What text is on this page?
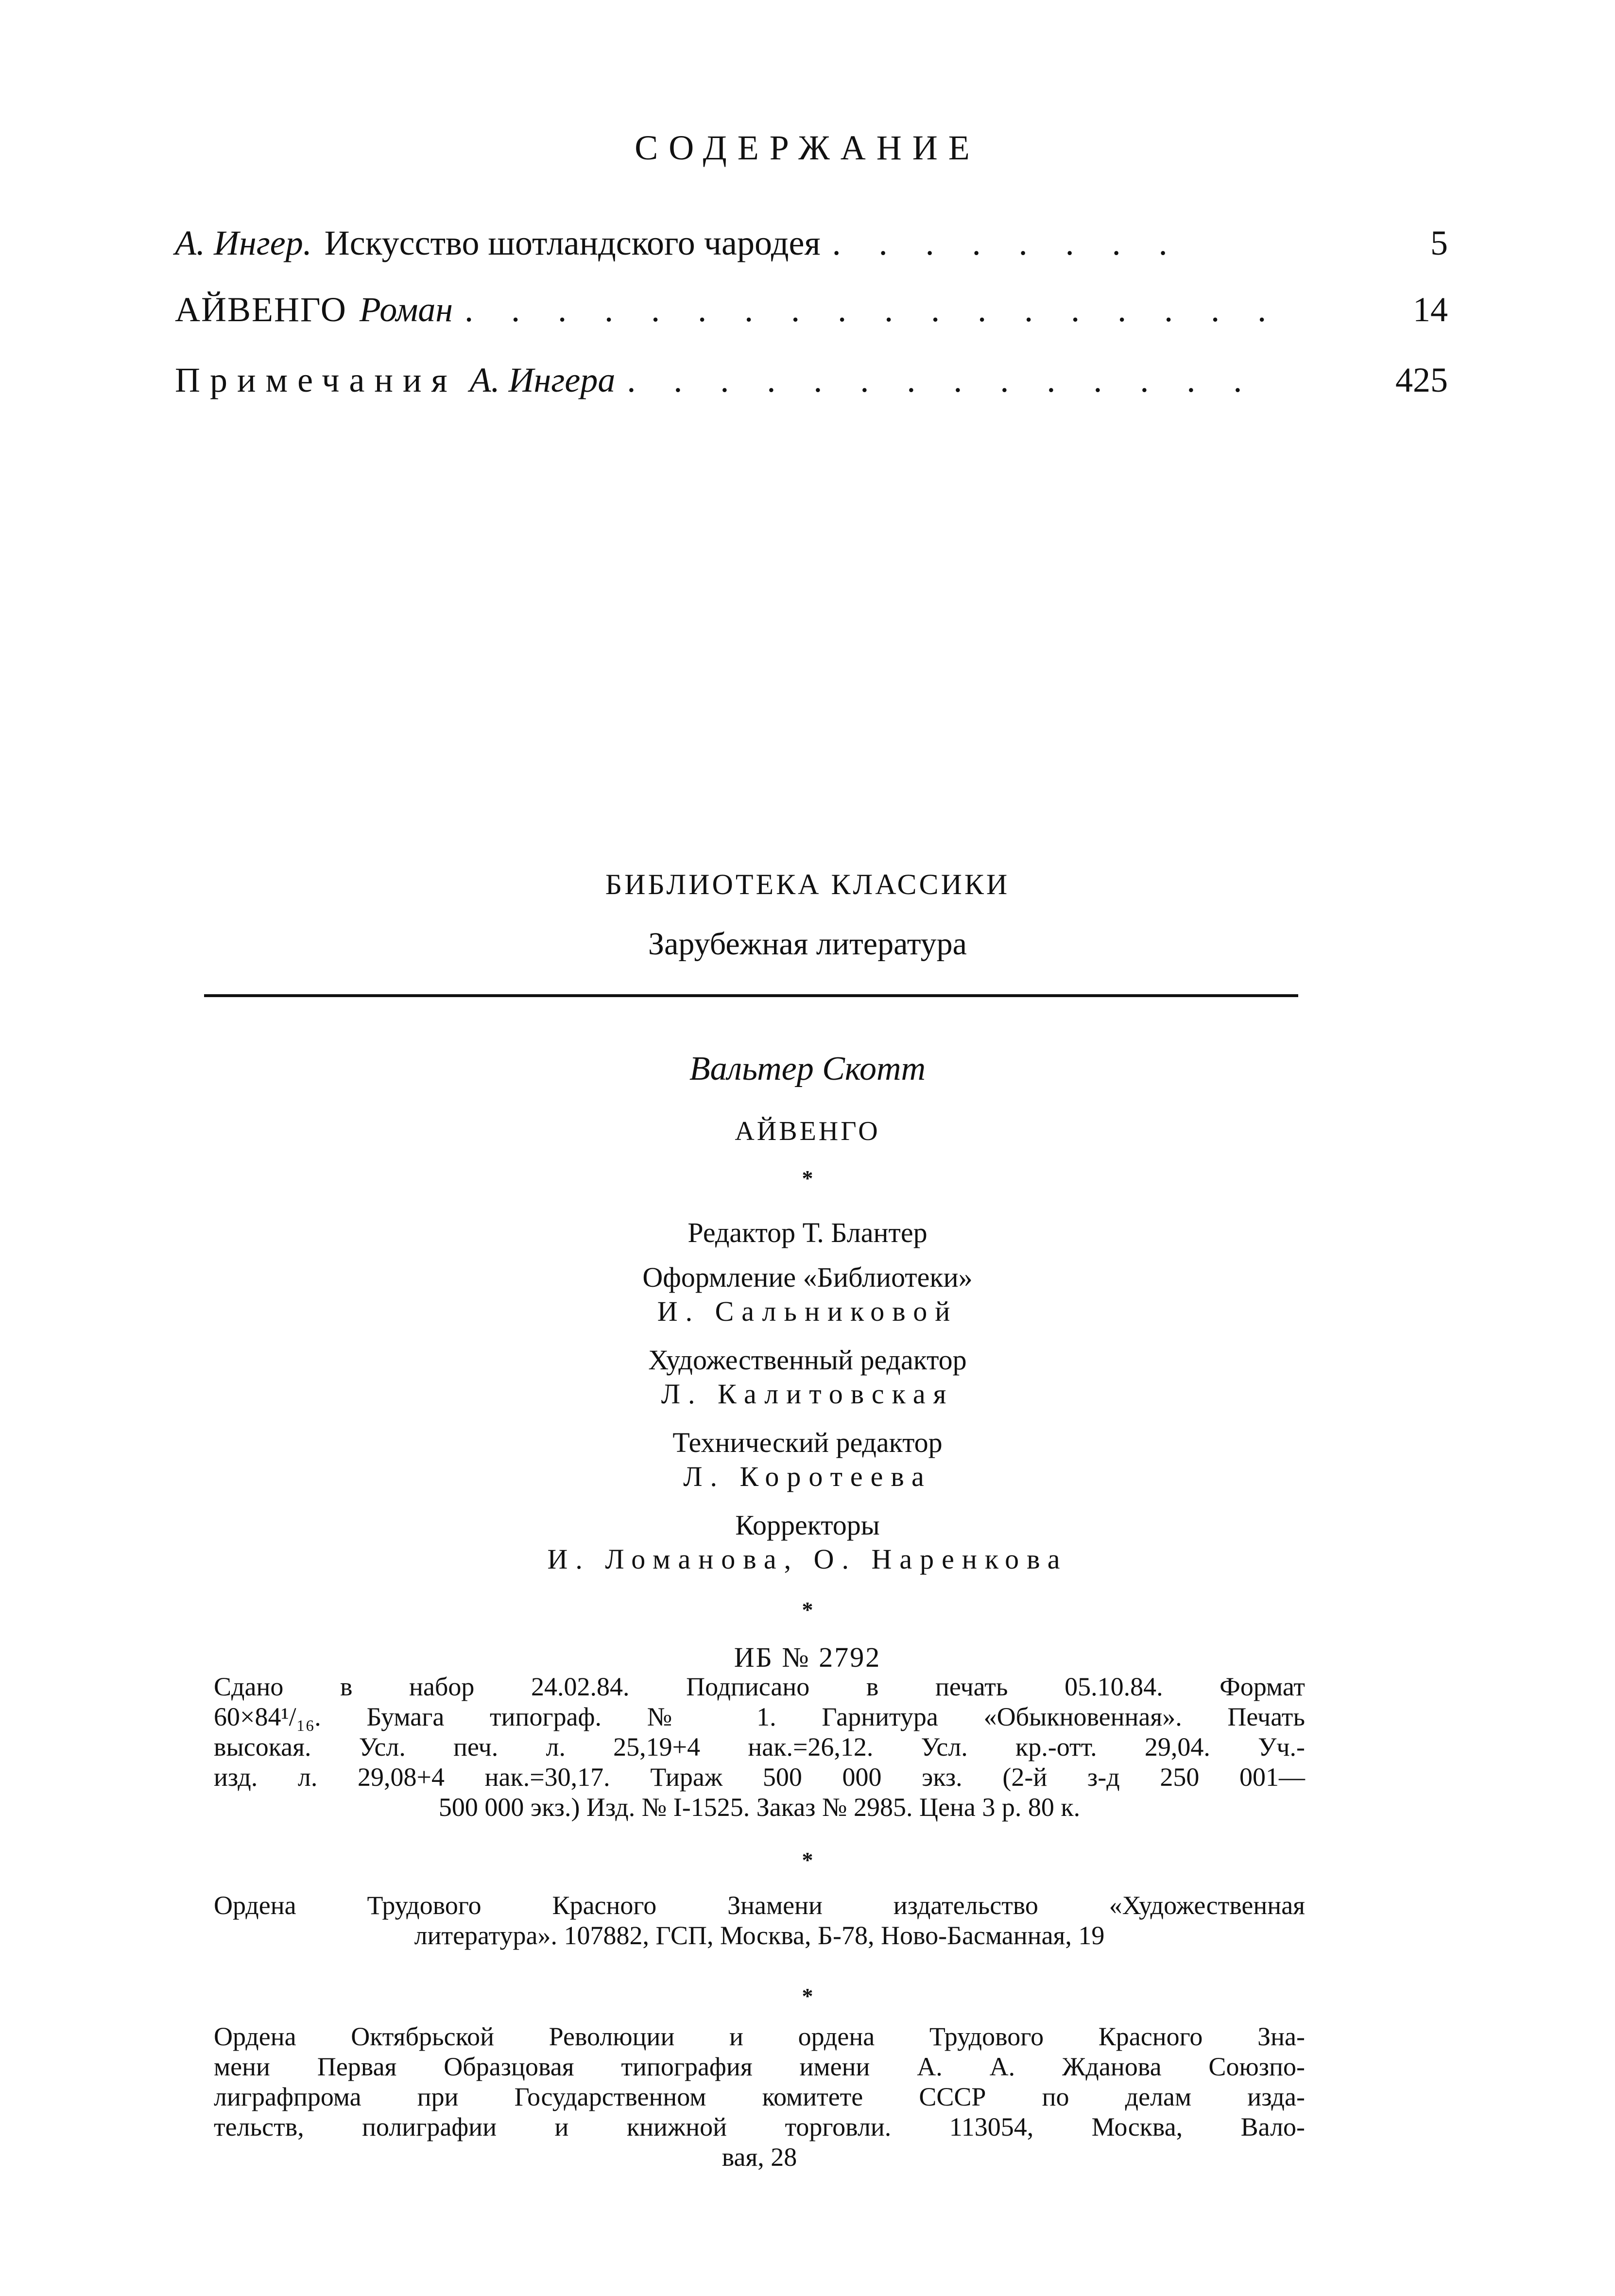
СОДЕРЖАНИЕ
А. Ингер. Искусство шотландского чародея . . . . . . . .	5
АЙВЕНГО Роман . . . . . . . . . . . . . . . . . .	14
Примечания А. Ингера . . . . . . . . . . . . . .	425
БИБЛИОТЕКА КЛАССИКИ
Зарубежная литература
Вальтер Скотт
АЙВЕНГО
*
Редактор Т. Блантер
Оформление «Библиотеки»
И. Сальниковой
Художественный редактор
Л. Калитовская
Технический редактор
Л. Коротеева
Корректоры
И. Ломанова, О. Наренкова
*
ИБ № 2792
Сдано в набор 24.02.84. Подписано в печать 05.10.84. Формат
60×84¹/₁₆. Бумага типограф. № 1. Гарнитура «Обыкновенная». Печать
высокая. Усл. печ. л. 25,19+4 нак.=26,12. Усл. кр.-отт. 29,04. Уч.-
изд. л. 29,08+4 нак.=30,17. Тираж 500 000 экз. (2-й з-д 250 001—
500 000 экз.) Изд. № I-1525. Заказ № 2985. Цена 3 р. 80 к.
*
Ордена Трудового Красного Знамени издательство «Художественная
литература». 107882, ГСП, Москва, Б-78, Ново-Басманная, 19
*
Ордена Октябрьской Революции и ордена Трудового Красного Зна-
мени Первая Образцовая типография имени А. А. Жданова Союзпо-
лиграфпрома при Государственном комитете СССР по делам изда-
тельств, полиграфии и книжной торговли. 113054, Москва, Вало-
вая, 28
